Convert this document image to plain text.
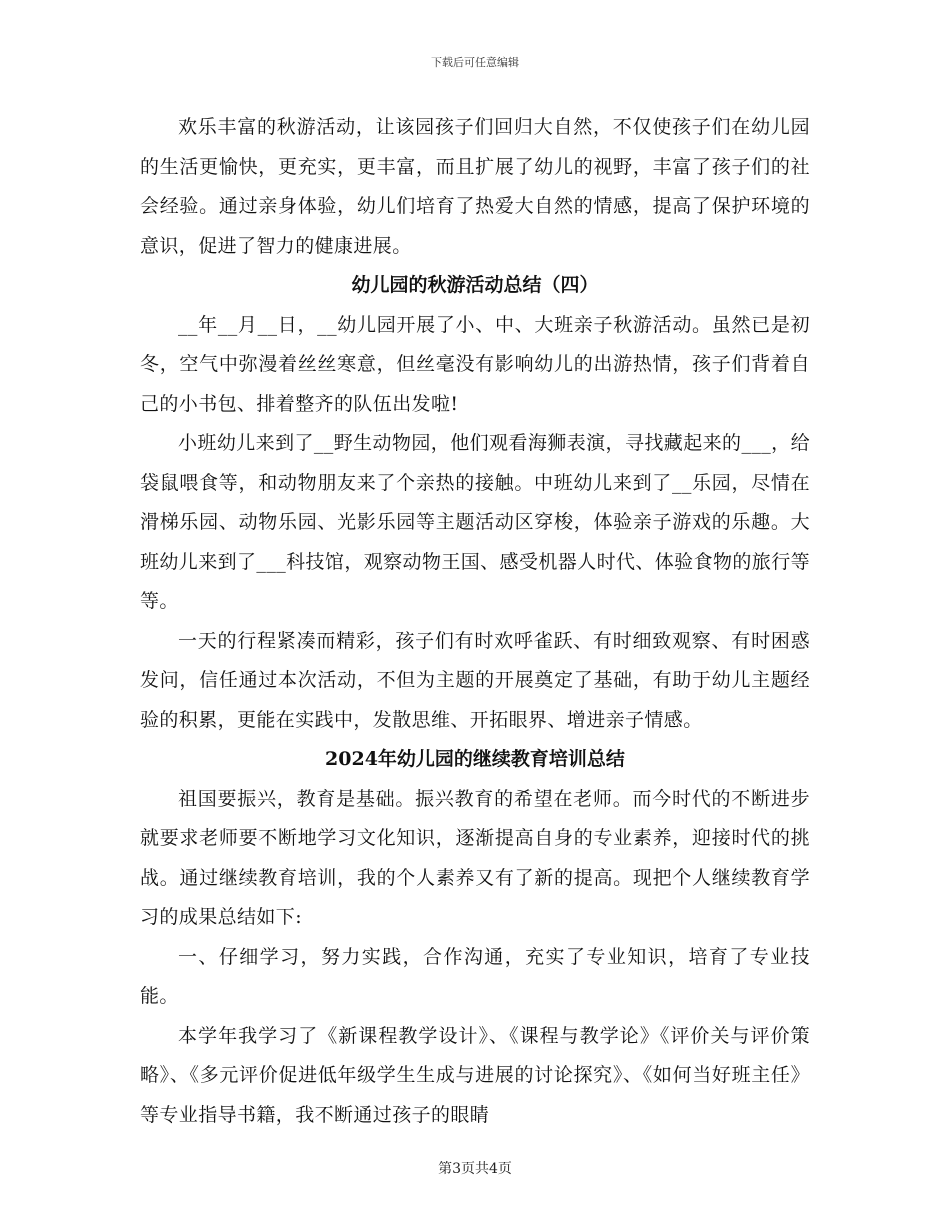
下载后可任意编辑

欢乐丰富的秋游活动，让该园孩子们回归大自然，不仅使孩子们在幼儿园的生活更愉快，更充实，更丰富，而且扩展了幼儿的视野，丰富了孩子们的社会经验。通过亲身体验，幼儿们培育了热爱大自然的情感，提高了保护环境的意识，促进了智力的健康进展。

幼儿园的秋游活动总结（四）

__年__月__日，__幼儿园开展了小、中、大班亲子秋游活动。虽然已是初冬，空气中弥漫着丝丝寒意，但丝毫没有影响幼儿的出游热情，孩子们背着自己的小书包、排着整齐的队伍出发啦!

小班幼儿来到了__野生动物园，他们观看海狮表演，寻找藏起来的___，给袋鼠喂食等，和动物朋友来了个亲热的接触。中班幼儿来到了__乐园，尽情在滑梯乐园、动物乐园、光影乐园等主题活动区穿梭，体验亲子游戏的乐趣。大班幼儿来到了___科技馆，观察动物王国、感受机器人时代、体验食物的旅行等等。

一天的行程紧凑而精彩，孩子们有时欢呼雀跃、有时细致观察、有时困惑发问，信任通过本次活动，不但为主题的开展奠定了基础，有助于幼儿主题经验的积累，更能在实践中，发散思维、开拓眼界、增进亲子情感。

2024年幼儿园的继续教育培训总结

祖国要振兴，教育是基础。振兴教育的希望在老师。而今时代的不断进步就要求老师要不断地学习文化知识，逐渐提高自身的专业素养，迎接时代的挑战。通过继续教育培训，我的个人素养又有了新的提高。现把个人继续教育学习的成果总结如下:

一、仔细学习，努力实践，合作沟通，充实了专业知识，培育了专业技能。

本学年我学习了《新课程教学设计》、《课程与教学论》《评价关与评价策略》、《多元评价促进低年级学生生成与进展的讨论探究》、《如何当好班主任》等专业指导书籍，我不断通过孩子的眼睛

第3页共4页
